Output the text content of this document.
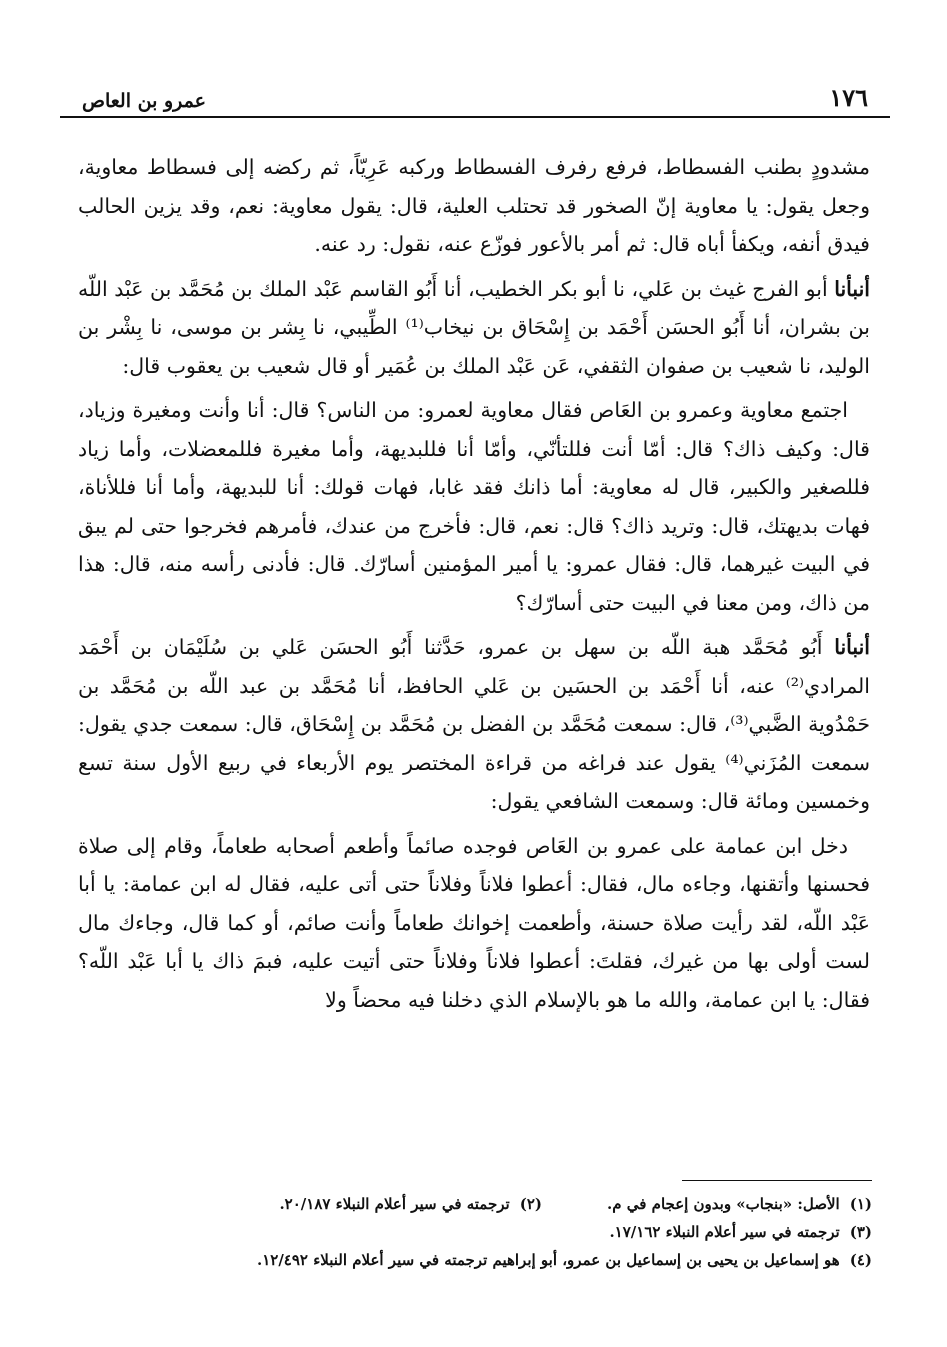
١٧٦
عمرو بن العاص

مشدودٍ بطنب الفسطاط، فرفع رفرف الفسطاط وركبه عَرِيّاً، ثم ركضه إلى فسطاط معاوية، وجعل يقول: يا معاوية إنّ الصخور قد تحتلب العلية، قال: يقول معاوية: نعم، وقد يزين الحالب فيدق أنفه، ويكفأ أباه قال: ثم أمر بالأعور فوزّع عنه، نقول: رد عنه.

أنبأنا أبو الفرج غيث بن عَلي، نا أبو بكر الخطيب، أنا أَبُو القاسم عَبْد الملك بن مُحَمَّد بن عَبْد اللّه بن بشران، أنا أَبُو الحسَن أَحْمَد بن إِسْحَاق بن نيخاب⁽¹⁾ الطِّيبي، نا بِشر بن موسى، نا بِشْر بن الوليد، نا شعيب بن صفوان الثقفي، عَن عَبْد الملك بن عُمَير أو قال شعيب بن يعقوب قال:

اجتمع معاوية وعمرو بن العَاص فقال معاوية لعمرو: من الناس؟ قال: أنا وأنت ومغيرة وزياد، قال: وكيف ذاك؟ قال: أمّا أنت فللتأنّي، وأمّا أنا فللبديهة، وأما مغيرة فللمعضلات، وأما زياد فللصغير والكبير، قال له معاوية: أما ذانك فقد غابا، فهات قولك: أنا للبديهة، وأما أنا فللأناة، فهات بديهتك، قال: وتريد ذاك؟ قال: نعم، قال: فأخرج من عندك، فأمرهم فخرجوا حتى لم يبق في البيت غيرهما، قال: فقال عمرو: يا أمير المؤمنين أسارّك. قال: فأدنى رأسه منه، قال: هذا من ذاك، ومن معنا في البيت حتى أسارّك؟

أنبأنا أَبُو مُحَمَّد هبة اللّه بن سهل بن عمرو، حَدَّثنا أَبُو الحسَن عَلي بن سُلَيْمَان بن أَحْمَد المرادي⁽²⁾ عنه، أنا أَحْمَد بن الحسَين بن عَلي الحافظ، أنا مُحَمَّد بن عبد اللّه بن مُحَمَّد بن حَمْدُوية الضَّبي⁽³⁾، قال: سمعت مُحَمَّد بن الفضل بن مُحَمَّد بن إِسْحَاق، قال: سمعت جدي يقول: سمعت المُزَني⁽⁴⁾ يقول عند فراغه من قراءة المختصر يوم الأربعاء في ربيع الأول سنة تسع وخمسين ومائة قال: وسمعت الشافعي يقول:

دخل ابن عمامة على عمرو بن العَاص فوجده صائماً وأطعم أصحابه طعاماً، وقام إلى صلاة فحسنها وأتقنها، وجاءه مال، فقال: أعطوا فلاناً وفلاناً حتى أتى عليه، فقال له ابن عمامة: يا أبا عَبْد اللّه، لقد رأيت صلاة حسنة، وأطعمت إخوانك طعاماً وأنت صائم، أو كما قال، وجاءك مال لست أولى بها من غيرك، فقلتَ: أعطوا فلاناً وفلاناً حتى أتيت عليه، فبمَ ذاك يا أبا عَبْد اللّه؟ فقال: يا ابن عمامة، والله ما هو بالإسلام الذي دخلنا فيه محضاً ولا

(١)
الأصل: «بنجاب» وبدون إعجام في م.
(٢)
ترجمته في سير أعلام النبلاء ٢٠/١٨٧.
(٣)
ترجمته في سير أعلام النبلاء ١٧/١٦٢.
(٤)
هو إسماعيل بن يحيى بن إسماعيل بن عمرو، أبو إبراهيم ترجمته في سير أعلام النبلاء ١٢/٤٩٢.
